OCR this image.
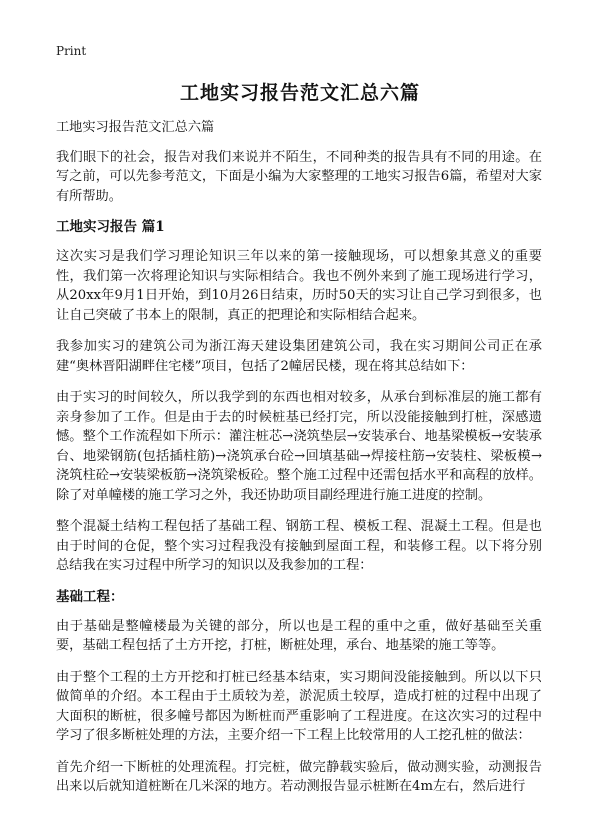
Print
工地实习报告范文汇总六篇

工地实习报告范文汇总六篇

我们眼下的社会，报告对我们来说并不陌生，不同种类的报告具有不同的用途。在写之前，可以先参考范文，下面是小编为大家整理的工地实习报告6篇，希望对大家有所帮助。

工地实习报告 篇1

这次实习是我们学习理论知识三年以来的第一接触现场，可以想象其意义的重要性，我们第一次将理论知识与实际相结合。我也不例外来到了施工现场进行学习，从20xx年9月1日开始，到10月26日结束，历时50天的实习让自己学习到很多，也让自己突破了书本上的限制，真正的把理论和实际相结合起来。

我参加实习的建筑公司为浙江海天建设集团建筑公司，我在实习期间公司正在承建“奥林晋阳湖畔住宅楼”项目，包括了2幢居民楼，现在将其总结如下：

由于实习的时间较久，所以我学到的东西也相对较多，从承台到标准层的施工都有亲身参加了工作。但是由于去的时候桩基已经打完，所以没能接触到打桩，深感遗憾。整个工作流程如下所示：灌注桩芯→浇筑垫层→安装承台、地基梁模板→安装承台、地梁钢筋(包括插柱筋)→浇筑承台砼→回填基础→焊接柱筋→安装柱、梁板模→浇筑柱砼→安装梁板筋→浇筑梁板砼。整个施工过程中还需包括水平和高程的放样。除了对单幢楼的施工学习之外，我还协助项目副经理进行施工进度的控制。

整个混凝土结构工程包括了基础工程、钢筋工程、模板工程、混凝土工程。但是也由于时间的仓促，整个实习过程我没有接触到屋面工程，和装修工程。以下将分别总结我在实习过程中所学习的知识以及我参加的工程：

基础工程：

由于基础是整幢楼最为关键的部分，所以也是工程的重中之重，做好基础至关重要，基础工程包括了土方开挖，打桩，断桩处理，承台、地基梁的施工等等。

由于整个工程的土方开挖和打桩已经基本结束，实习期间没能接触到。所以以下只做简单的介绍。本工程由于土质较为差，淤泥质土较厚，造成打桩的过程中出现了大面积的断桩，很多幢号都因为断桩而严重影响了工程进度。在这次实习的过程中学习了很多断桩处理的方法，主要介绍一下工程上比较常用的人工挖孔桩的做法：

首先介绍一下断桩的处理流程。打完桩，做完静载实验后，做动测实验，动测报告出来以后就知道桩断在几米深的地方。若动测报告显示桩断在4m左右，然后进行
